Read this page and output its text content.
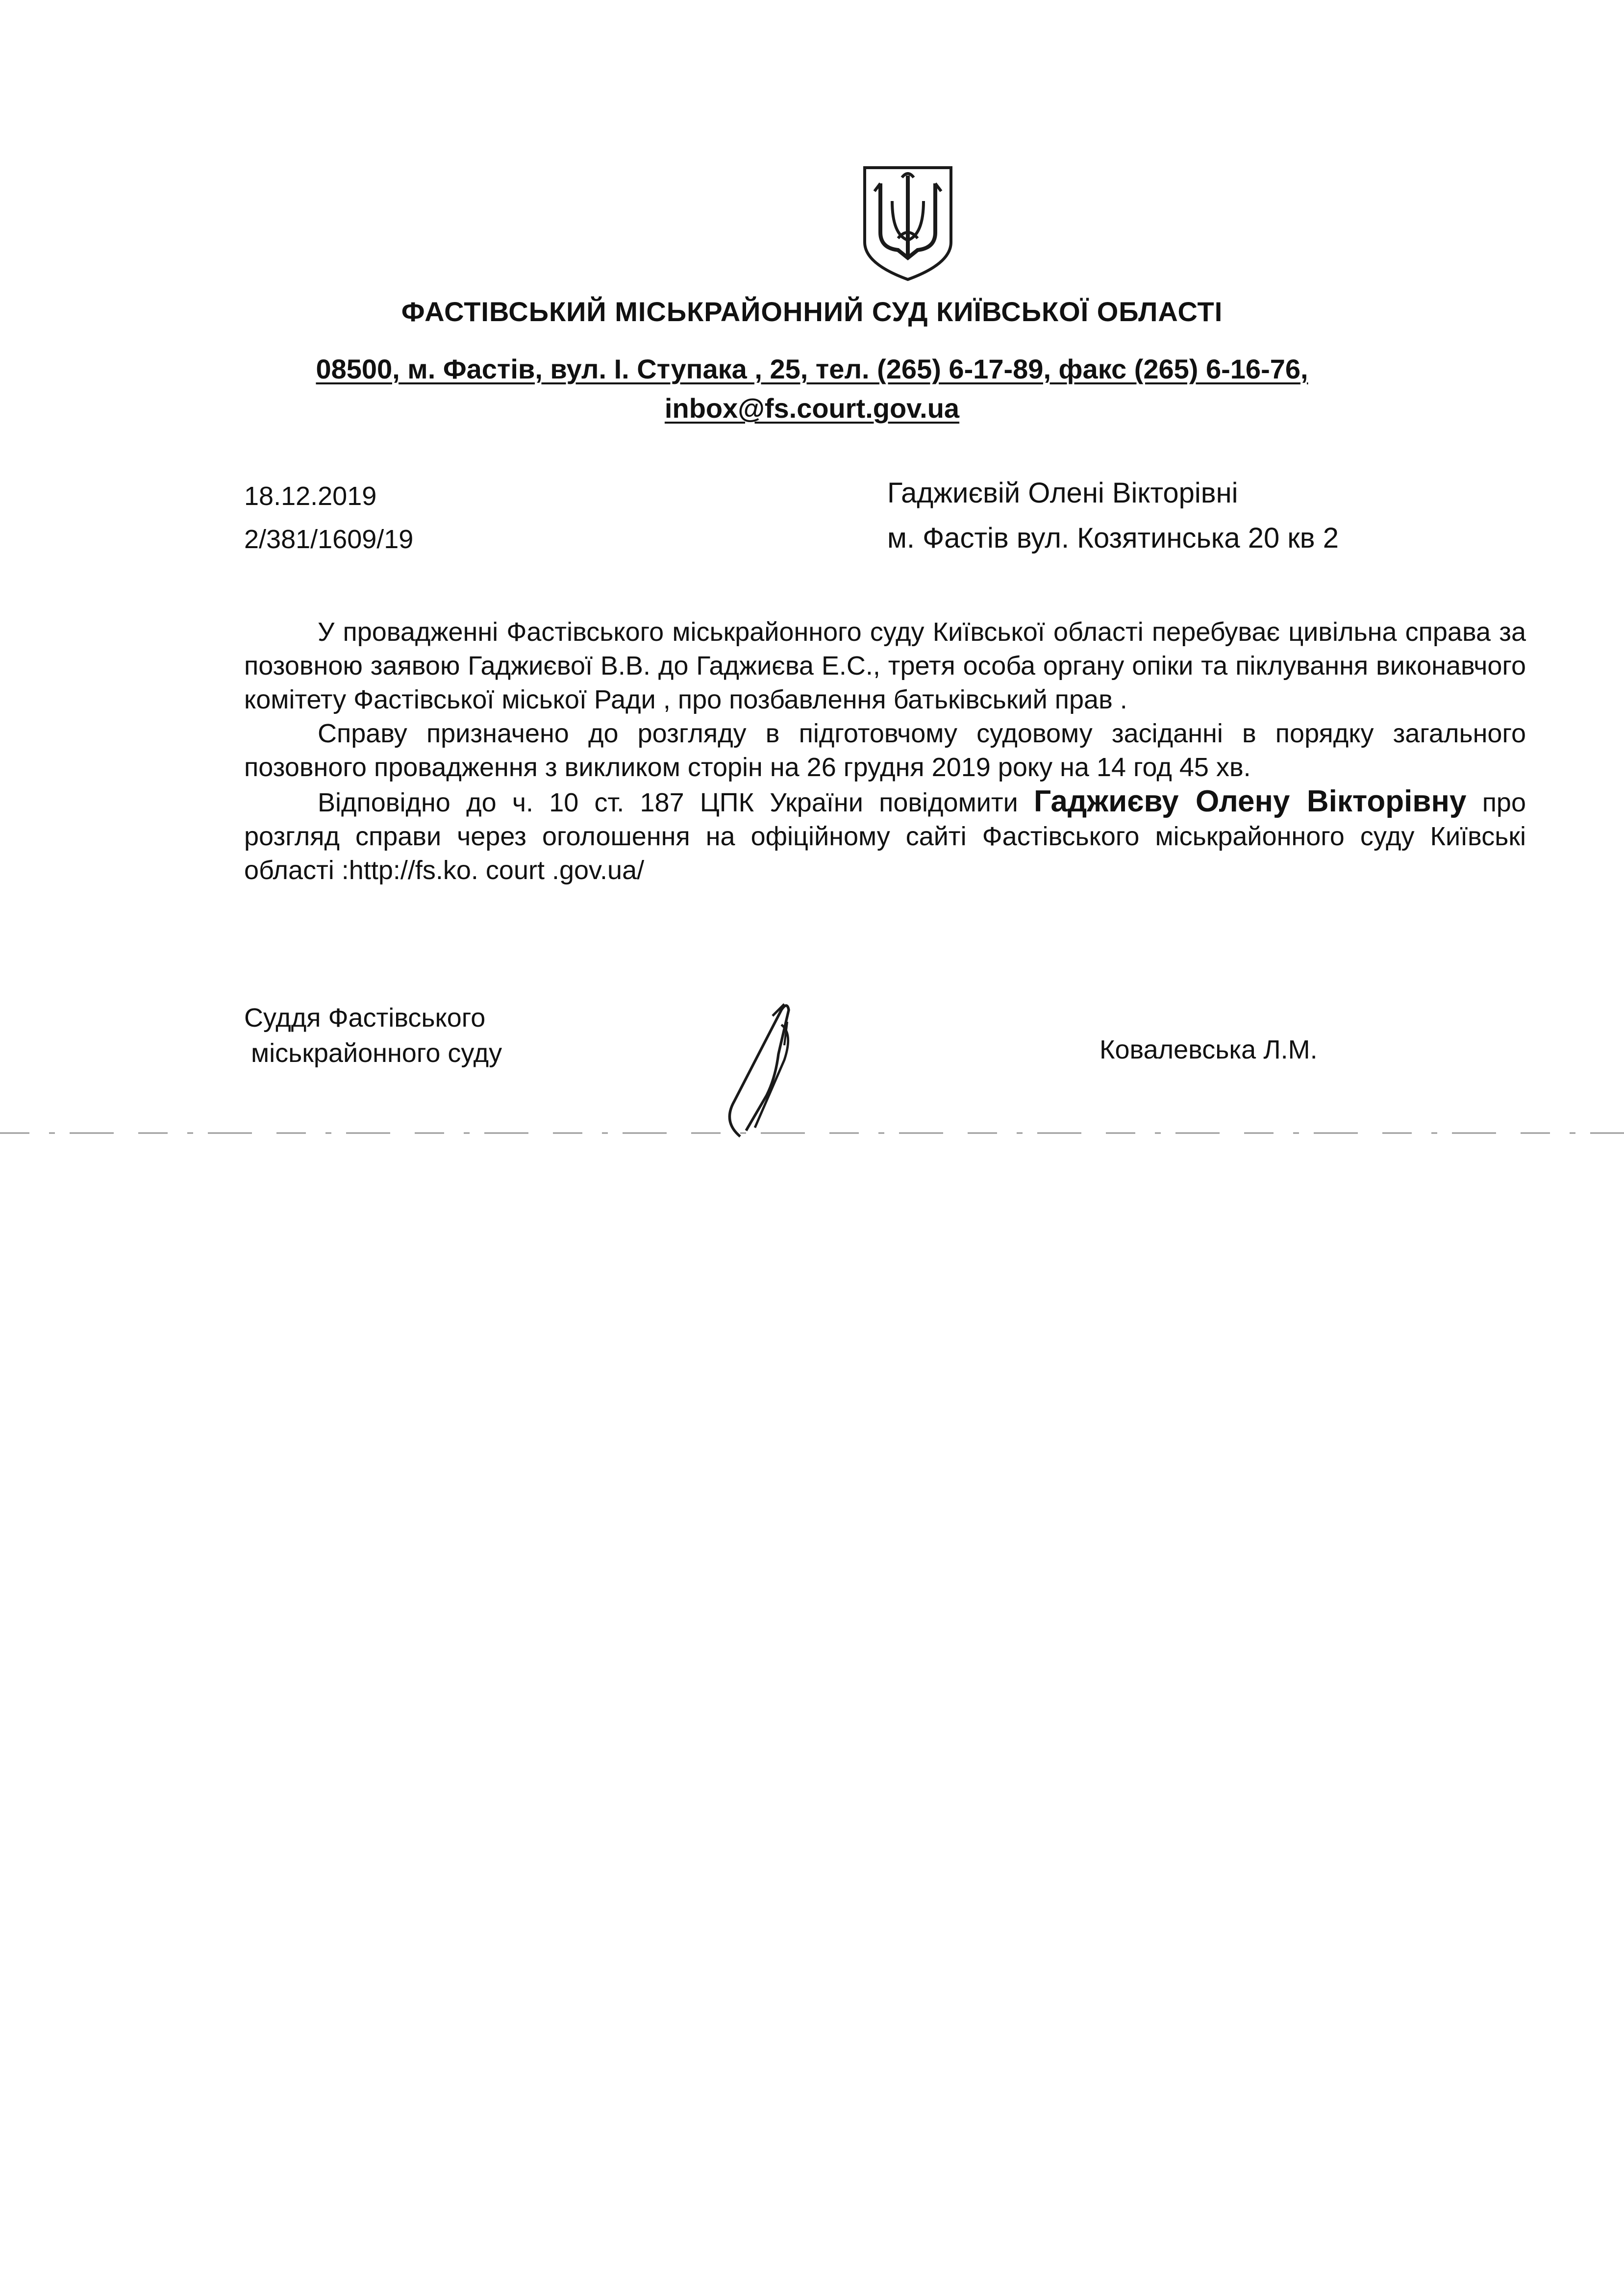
ФАСТІВСЬКИЙ МІСЬКРАЙОННИЙ СУД КИЇВСЬКОЇ ОБЛАСТІ
08500, м. Фастів, вул. І. Ступака , 25, тел. (265) 6-17-89, факс (265) 6-16-76,
inbox@fs.court.gov.ua
18.12.2019
2/381/1609/19
Гаджиєвій Олені Вікторівні
м. Фастів вул. Козятинська 20 кв 2

У провадженні Фастівського міськрайонного суду Київської області перебуває цивільна справа за позовною заявою Гаджиєвої В.В. до Гаджиєва Е.С., третя особа органу опіки та піклування виконавчого комітету Фастівської міської Ради , про позбавлення батьківський прав .

Справу призначено до розгляду в підготовчому судовому засіданні в порядку загального позовного провадження з викликом сторін на 26 грудня 2019 року на 14 год 45 хв.

Відповідно до ч. 10 ст. 187 ЦПК України повідомити Гаджиєву Олену Вікторівну про розгляд справи через оголошення на офіційному сайті Фастівського міськрайонного суду Київські області :http://fs.ko. court .gov.ua/

Суддя Фастівського
міськрайонного суду	Ковалевська Л.М.
